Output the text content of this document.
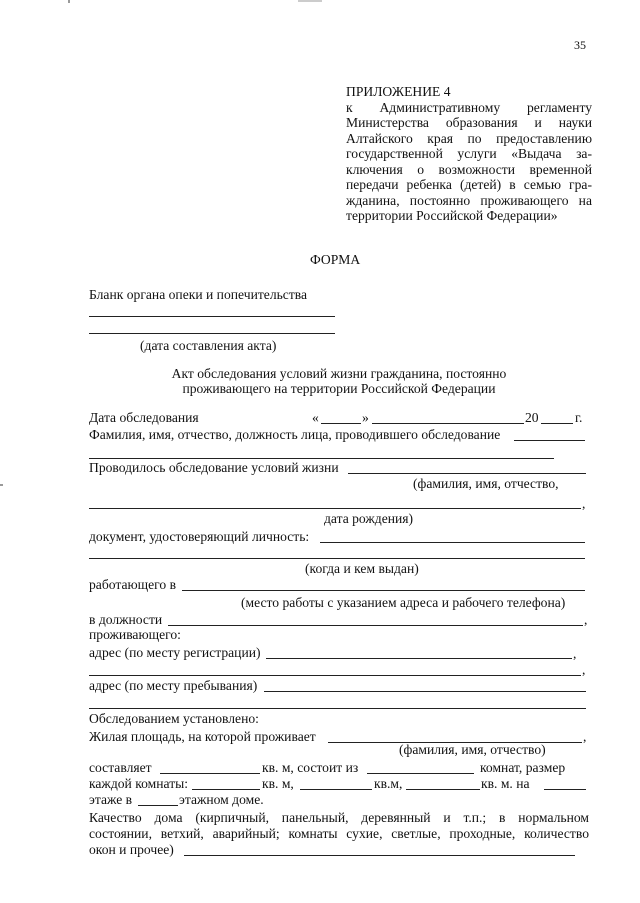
35
ПРИЛОЖЕНИЕ 4
к Административному регламенту
Министерства образования и науки
Алтайского края по предоставлению
государственной услуги «Выдача за-
ключения о возможности временной
передачи ребенка (детей) в семью гра-
жданина, постоянно проживающего на
территории Российской Федерации»
ФОРМА
Бланк органа опеки и попечительства
(дата составления акта)
Акт обследования условий жизни гражданина, постоянно
проживающего на территории Российской Федерации
Дата обследования	«	»	20	г.
Фамилия, имя, отчество, должность лица, проводившего обследование
Проводилось обследование условий жизни
(фамилия, имя, отчество,
,
дата рождения)
документ, удостоверяющий личность:
(когда и кем выдан)
работающего в
(место работы с указанием адреса и рабочего телефона)
в должности	,
проживающего:
адрес (по месту регистрации)	,
,
адрес (по месту пребывания)
Обследованием установлено:
Жилая площадь, на которой проживает	,
(фамилия, имя, отчество)
составляет	кв. м, состоит из	комнат, размер
каждой комнаты:	кв. м,	кв.м,	кв. м. на
этаже в	этажном доме.
Качество дома (кирпичный, панельный, деревянный и т.п.; в нормальном
состоянии, ветхий, аварийный; комнаты сухие, светлые, проходные, количество
окон и прочее)
